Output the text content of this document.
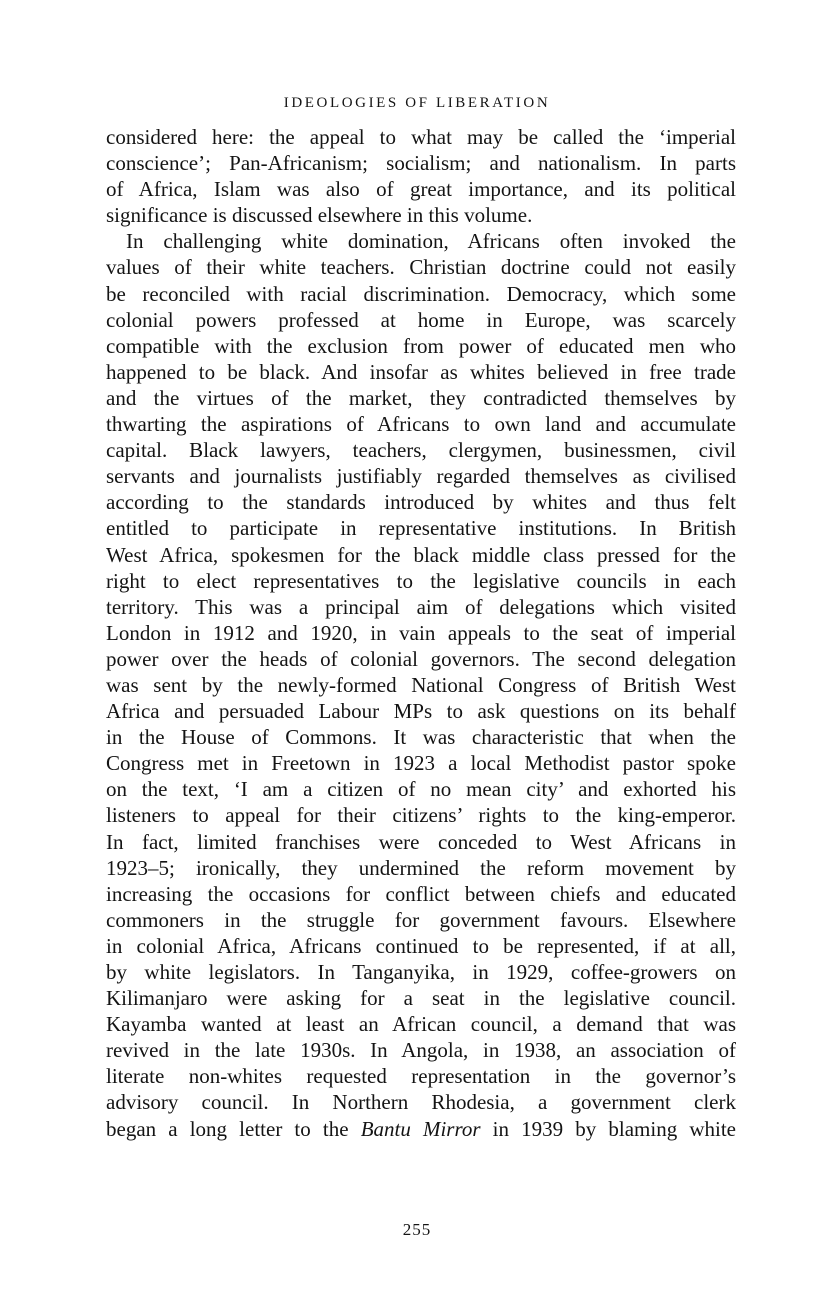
IDEOLOGIES OF LIBERATION
considered here: the appeal to what may be called the ‘imperial
conscience’; Pan-Africanism; socialism; and nationalism. In parts
of Africa, Islam was also of great importance, and its political
significance is discussed elsewhere in this volume.
In challenging white domination, Africans often invoked the
values of their white teachers. Christian doctrine could not easily
be reconciled with racial discrimination. Democracy, which some
colonial powers professed at home in Europe, was scarcely
compatible with the exclusion from power of educated men who
happened to be black. And insofar as whites believed in free trade
and the virtues of the market, they contradicted themselves by
thwarting the aspirations of Africans to own land and accumulate
capital. Black lawyers, teachers, clergymen, businessmen, civil
servants and journalists justifiably regarded themselves as civilised
according to the standards introduced by whites and thus felt
entitled to participate in representative institutions. In British
West Africa, spokesmen for the black middle class pressed for the
right to elect representatives to the legislative councils in each
territory. This was a principal aim of delegations which visited
London in 1912 and 1920, in vain appeals to the seat of imperial
power over the heads of colonial governors. The second delegation
was sent by the newly-formed National Congress of British West
Africa and persuaded Labour MPs to ask questions on its behalf
in the House of Commons. It was characteristic that when the
Congress met in Freetown in 1923 a local Methodist pastor spoke
on the text, ‘I am a citizen of no mean city’ and exhorted his
listeners to appeal for their citizens’ rights to the king-emperor.
In fact, limited franchises were conceded to West Africans in
1923–5; ironically, they undermined the reform movement by
increasing the occasions for conflict between chiefs and educated
commoners in the struggle for government favours. Elsewhere
in colonial Africa, Africans continued to be represented, if at all,
by white legislators. In Tanganyika, in 1929, coffee-growers on
Kilimanjaro were asking for a seat in the legislative council.
Kayamba wanted at least an African council, a demand that was
revived in the late 1930s. In Angola, in 1938, an association of
literate non-whites requested representation in the governor’s
advisory council. In Northern Rhodesia, a government clerk
began a long letter to the Bantu Mirror in 1939 by blaming white
255
